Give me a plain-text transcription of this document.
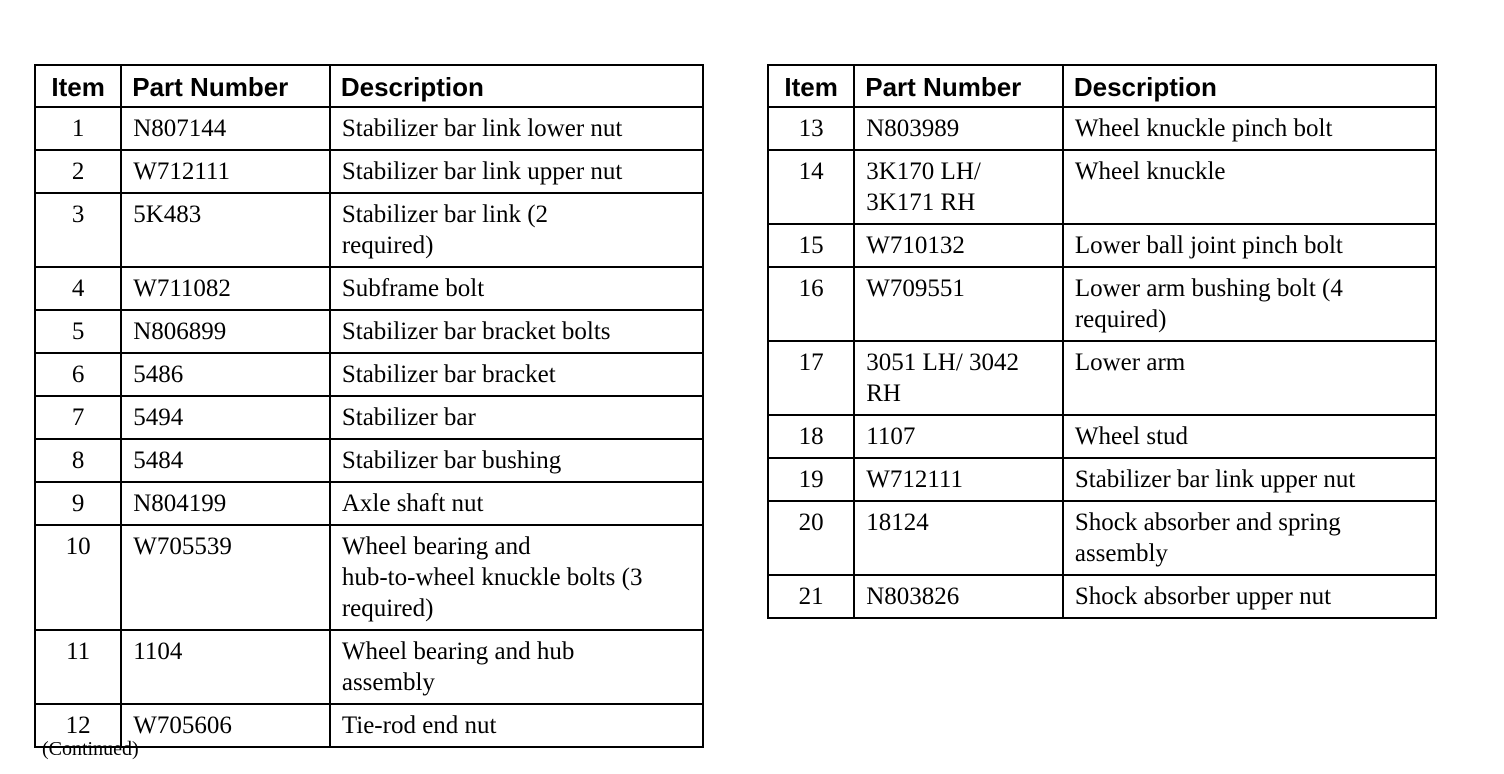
Item	Part Number	Description
1	N807144	Stabilizer bar link lower nut
2	W712111	Stabilizer bar link upper nut
3	5K483	Stabilizer bar link (2
required)
4	W711082	Subframe bolt
5	N806899	Stabilizer bar bracket bolts
6	5486	Stabilizer bar bracket
7	5494	Stabilizer bar
8	5484	Stabilizer bar bushing
9	N804199	Axle shaft nut
10	W705539	Wheel bearing and
hub-to-wheel knuckle bolts (3
required)
11	1104	Wheel bearing and hub
assembly
12	W705606	Tie-rod end nut
Item	Part Number	Description
13	N803989	Wheel knuckle pinch bolt
14	3K170 LH/
3K171 RH	Wheel knuckle
15	W710132	Lower ball joint pinch bolt
16	W709551	Lower arm bushing bolt (4
required)
17	3051 LH/ 3042
RH	Lower arm
18	1107	Wheel stud
19	W712111	Stabilizer bar link upper nut
20	18124	Shock absorber and spring
assembly
21	N803826	Shock absorber upper nut
(Continued)
